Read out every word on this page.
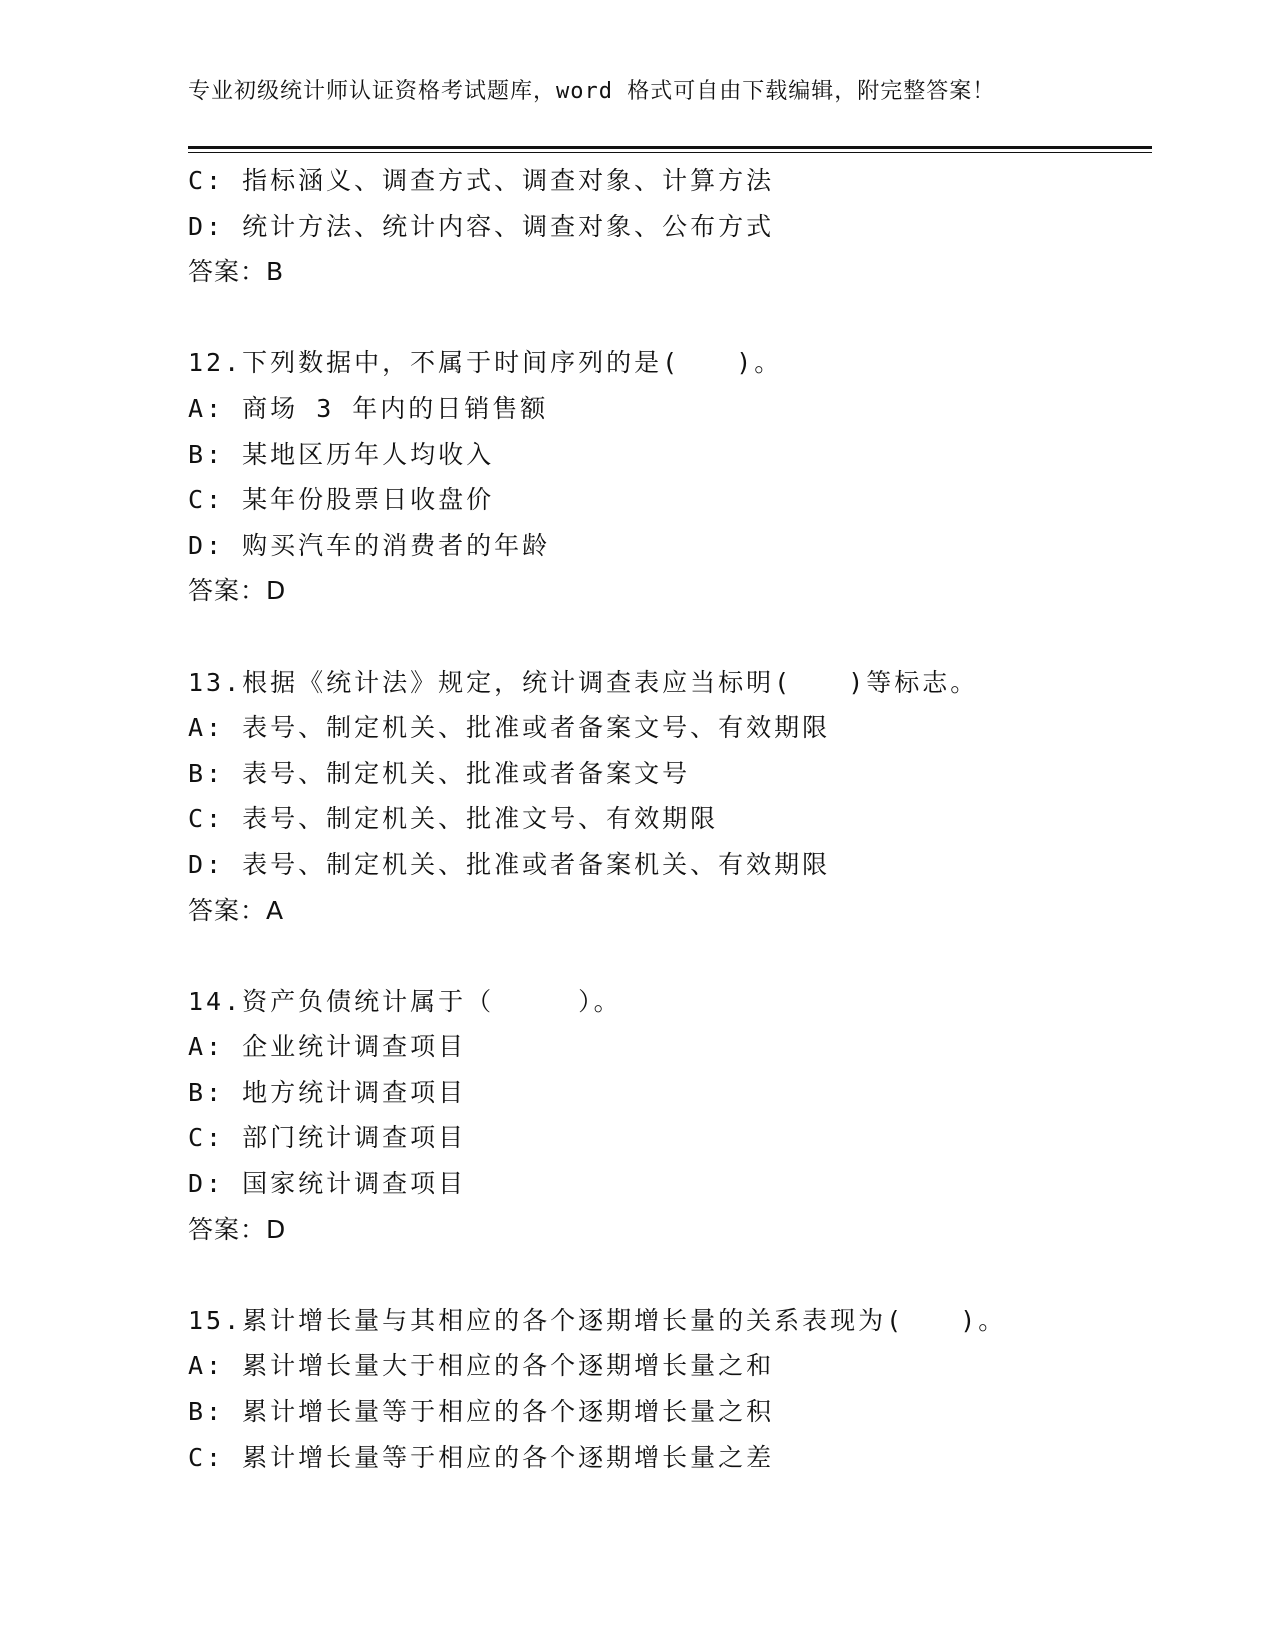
专业初级统计师认证资格考试题库，word 格式可自由下载编辑，附完整答案！
C: 指标涵义、调查方式、调查对象、计算方法
D: 统计方法、统计内容、调查对象、公布方式
答案：B
12.下列数据中，不属于时间序列的是(　　)。
A: 商场 3 年内的日销售额
B: 某地区历年人均收入
C: 某年份股票日收盘价
D: 购买汽车的消费者的年龄
答案：D
13.根据《统计法》规定，统计调查表应当标明(　　)等标志。
A: 表号、制定机关、批准或者备案文号、有效期限
B: 表号、制定机关、批准或者备案文号
C: 表号、制定机关、批准文号、有效期限
D: 表号、制定机关、批准或者备案机关、有效期限
答案：A
14.资产负债统计属于（　　　）。
A: 企业统计调查项目
B: 地方统计调查项目
C: 部门统计调查项目
D: 国家统计调查项目
答案：D
15.累计增长量与其相应的各个逐期增长量的关系表现为(　　)。
A: 累计增长量大于相应的各个逐期增长量之和
B: 累计增长量等于相应的各个逐期增长量之积
C: 累计增长量等于相应的各个逐期增长量之差
